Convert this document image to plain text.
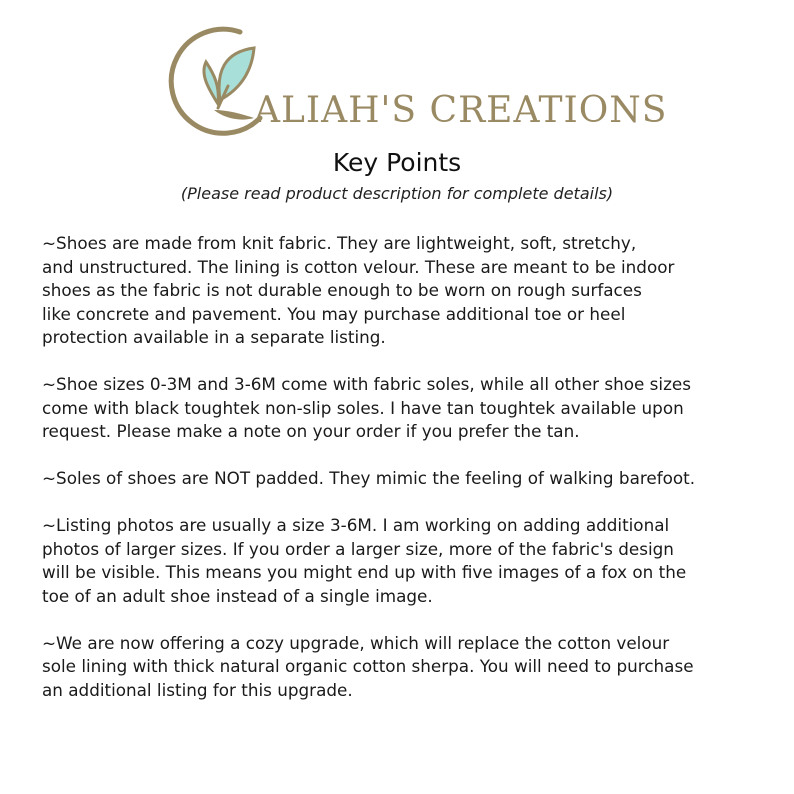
ALIAH'S CREATIONS
Key Points
(Please read product description for complete details)
~Shoes are made from knit fabric. They are lightweight, soft, stretchy,
and unstructured. The lining is cotton velour. These are meant to be indoor
shoes as the fabric is not durable enough to be worn on rough surfaces
like concrete and pavement. You may purchase additional toe or heel
protection available in a separate listing.
~Shoe sizes 0-3M and 3-6M come with fabric soles, while all other shoe sizes
come with black toughtek non-slip soles. I have tan toughtek available upon
request. Please make a note on your order if you prefer the tan.
~Soles of shoes are NOT padded. They mimic the feeling of walking barefoot.
~Listing photos are usually a size 3-6M. I am working on adding additional
photos of larger sizes. If you order a larger size, more of the fabric's design
will be visible. This means you might end up with five images of a fox on the
toe of an adult shoe instead of a single image.
~We are now offering a cozy upgrade, which will replace the cotton velour
sole lining with thick natural organic cotton sherpa. You will need to purchase
an additional listing for this upgrade.
